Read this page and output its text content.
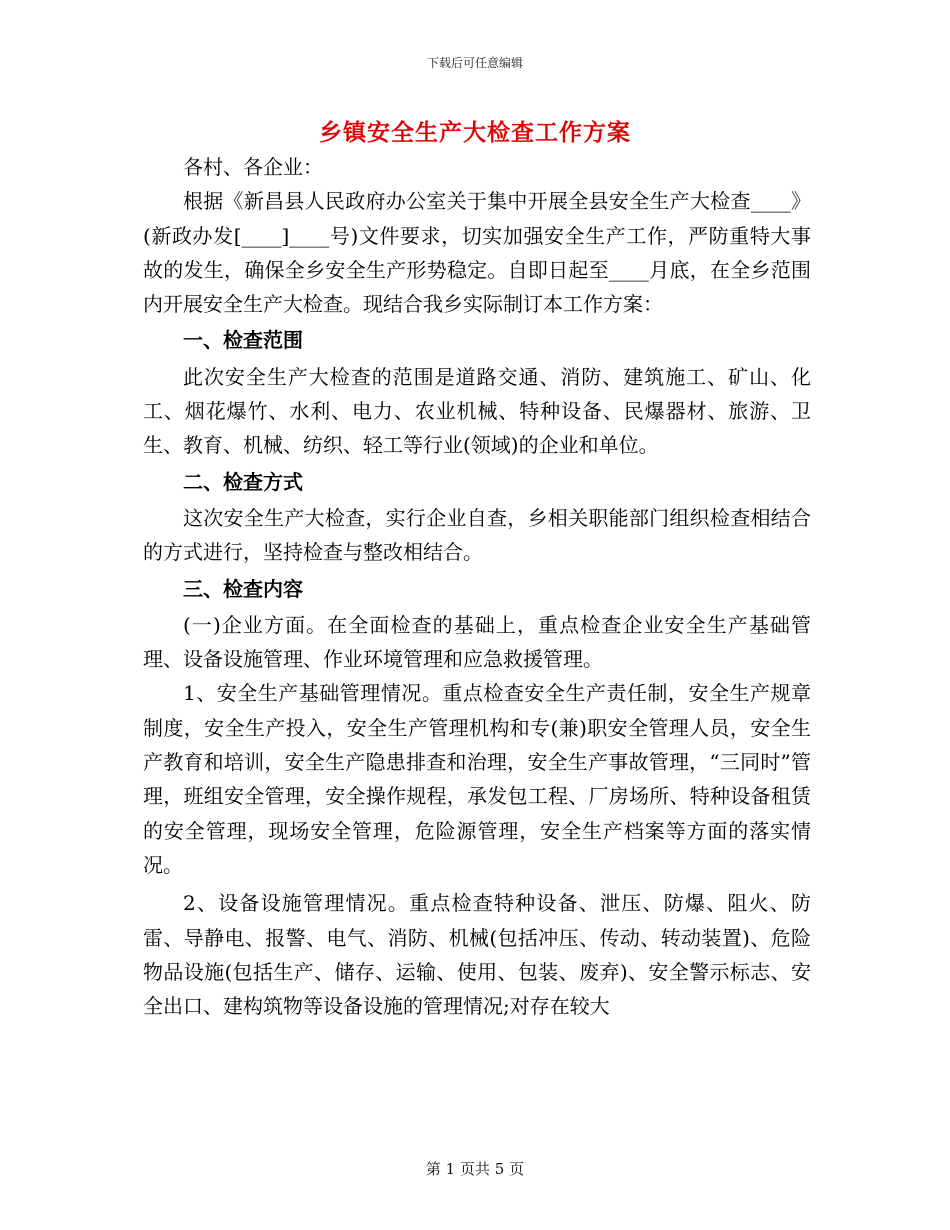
下载后可任意编辑
乡镇安全生产大检查工作方案

各村、各企业：

根据《新昌县人民政府办公室关于集中开展全县安全生产大检查____》(新政办发[____]____号)文件要求，切实加强安全生产工作，严防重特大事故的发生，确保全乡安全生产形势稳定。自即日起至____月底，在全乡范围内开展安全生产大检查。现结合我乡实际制订本工作方案：

一、检查范围

此次安全生产大检查的范围是道路交通、消防、建筑施工、矿山、化工、烟花爆竹、水利、电力、农业机械、特种设备、民爆器材、旅游、卫生、教育、机械、纺织、轻工等行业(领域)的企业和单位。

二、检查方式

这次安全生产大检查，实行企业自查，乡相关职能部门组织检查相结合的方式进行，坚持检查与整改相结合。

三、检查内容

(一)企业方面。在全面检查的基础上，重点检查企业安全生产基础管理、设备设施管理、作业环境管理和应急救援管理。

1、安全生产基础管理情况。重点检查安全生产责任制，安全生产规章制度，安全生产投入，安全生产管理机构和专(兼)职安全管理人员，安全生产教育和培训，安全生产隐患排查和治理，安全生产事故管理，“三同时”管理，班组安全管理，安全操作规程，承发包工程、厂房场所、特种设备租赁的安全管理，现场安全管理，危险源管理，安全生产档案等方面的落实情况。

2、设备设施管理情况。重点检查特种设备、泄压、防爆、阻火、防雷、导静电、报警、电气、消防、机械(包括冲压、传动、转动装置)、危险物品设施(包括生产、储存、运输、使用、包装、废弃)、安全警示标志、安全出口、建构筑物等设备设施的管理情况;对存在较大

第 1 页共 5 页
